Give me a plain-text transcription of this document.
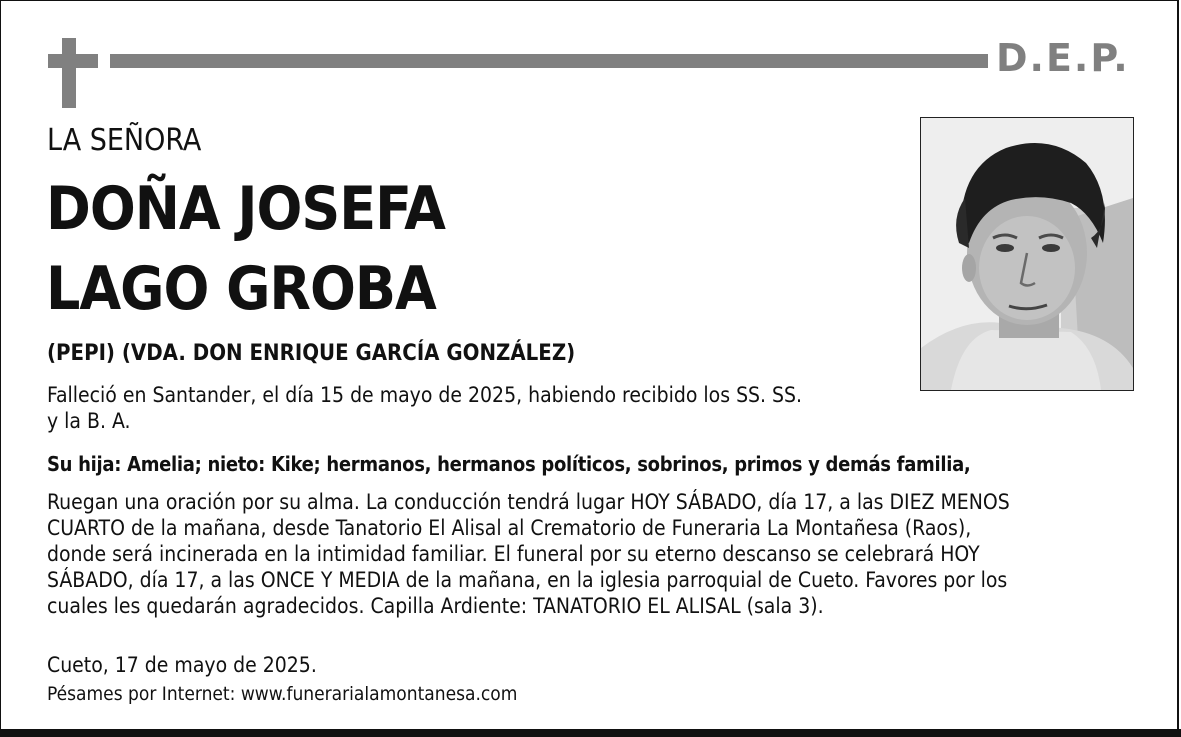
D.E.P.
LA SEÑORA
DOÑA JOSEFA
LAGO GROBA
(PEPI) (VDA. DON ENRIQUE GARCÍA GONZÁLEZ)
Falleció en Santander, el día 15 de mayo de 2025, habiendo recibido los SS. SS.
y la B. A.
Su hija: Amelia; nieto: Kike; hermanos, hermanos políticos, sobrinos, primos y demás familia,
Ruegan una oración por su alma. La conducción tendrá lugar HOY SÁBADO, día 17, a las DIEZ MENOS
CUARTO de la mañana, desde Tanatorio El Alisal al Crematorio de Funeraria La Montañesa (Raos),
donde será incinerada en la intimidad familiar. El funeral por su eterno descanso se celebrará HOY
SÁBADO, día 17, a las ONCE Y MEDIA de la mañana, en la iglesia parroquial de Cueto. Favores por los
cuales les quedarán agradecidos. Capilla Ardiente: TANATORIO EL ALISAL (sala 3).
Cueto, 17 de mayo de 2025.
Pésames por Internet: www.funerarialamontanesa.com
